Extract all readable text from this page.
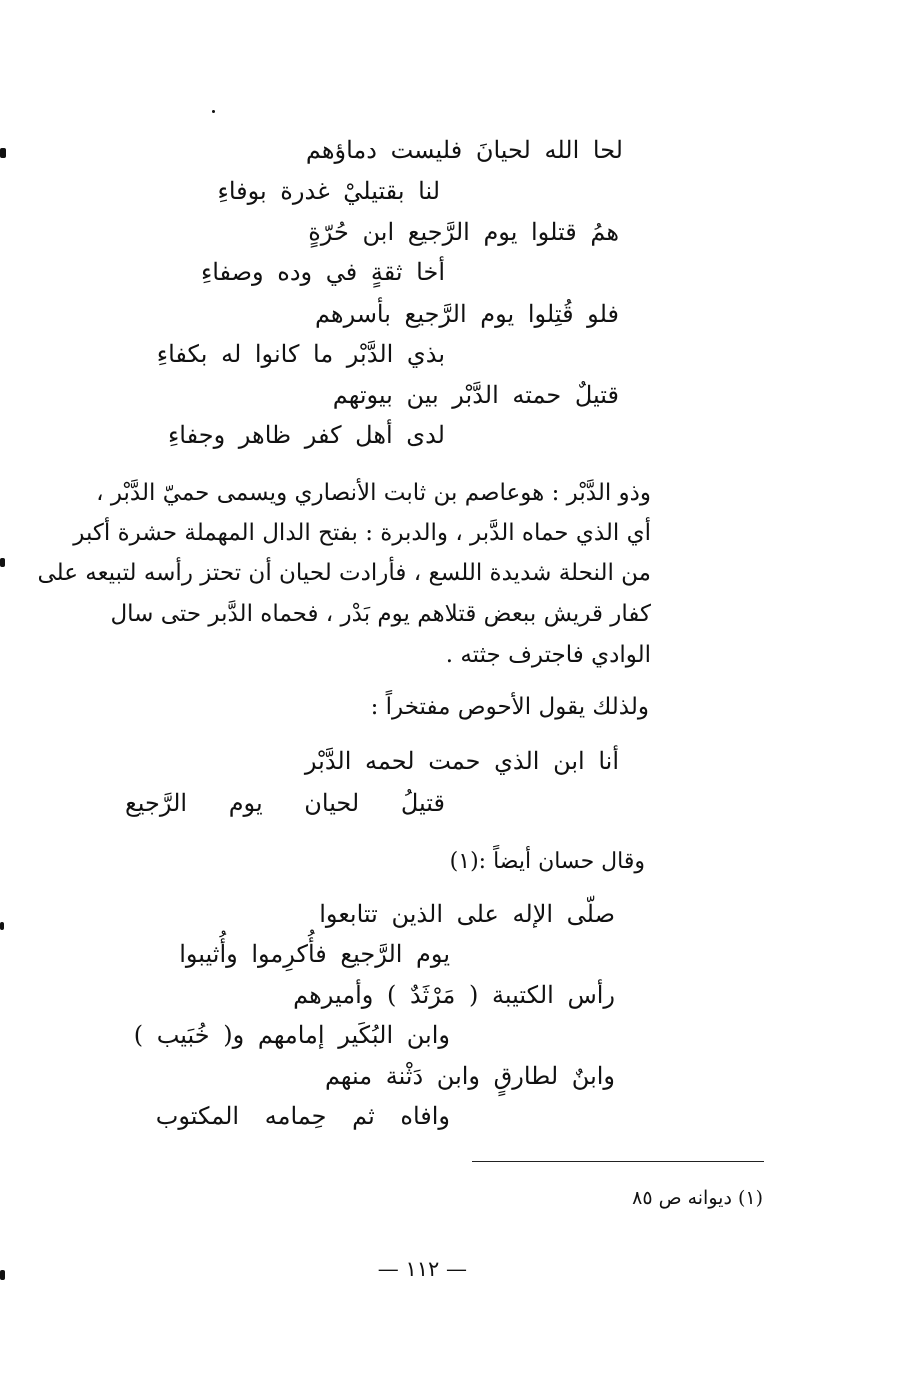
لحا الله لحيانَ فليست دماؤهم
لنا بقتيليْ غدرة بوفاءِ
همُ قتلوا يوم الرَّجيع ابن حُرّةٍ
أخا ثقةٍ في وده وصفاءِ
فلو قُتِلوا يوم الرَّجيع بأسرهم
بذي الدَّبْر ما كانوا له بكفاءِ
قتيلٌ حمته الدَّبْر بين بيوتهم
لدى أهل كفر ظاهر وجفاءِ
وذو الدَّبْر : هوعاصم بن ثابت الأنصاري ويسمى حميّ الدَّبْر ،
أي الذي حماه الدَّبر ، والدبرة : بفتح الدال المهملة حشرة أكبر
من النحلة شديدة اللسع ، فأرادت لحيان أن تحتز رأسه لتبيعه على
كفار قريش ببعض قتلاهم يوم بَدْر ، فحماه الدَّبر حتى سال
الوادي فاجترف جثته .
ولذلك يقول الأحوص مفتخراً :
أنا ابن الذي حمت لحمه الدَّبْر
قتيلُ لحيان يوم الرَّجيع
وقال حسان أيضاً :(١)
صلّى الإله على الذين تتابعوا
يوم الرَّجيع فأُكرِموا وأُثيبوا
رأس الكتيبة ( مَرْثَدٌ ) وأميرهم
وابن البُكَير إمامهم و( خُبَيب )
وابنٌ لطارقٍ وابن دَثْنة منهم
وافاه ثم حِمامه المكتوب
(١) ديوانه ص ٨٥
— ١١٢ —
